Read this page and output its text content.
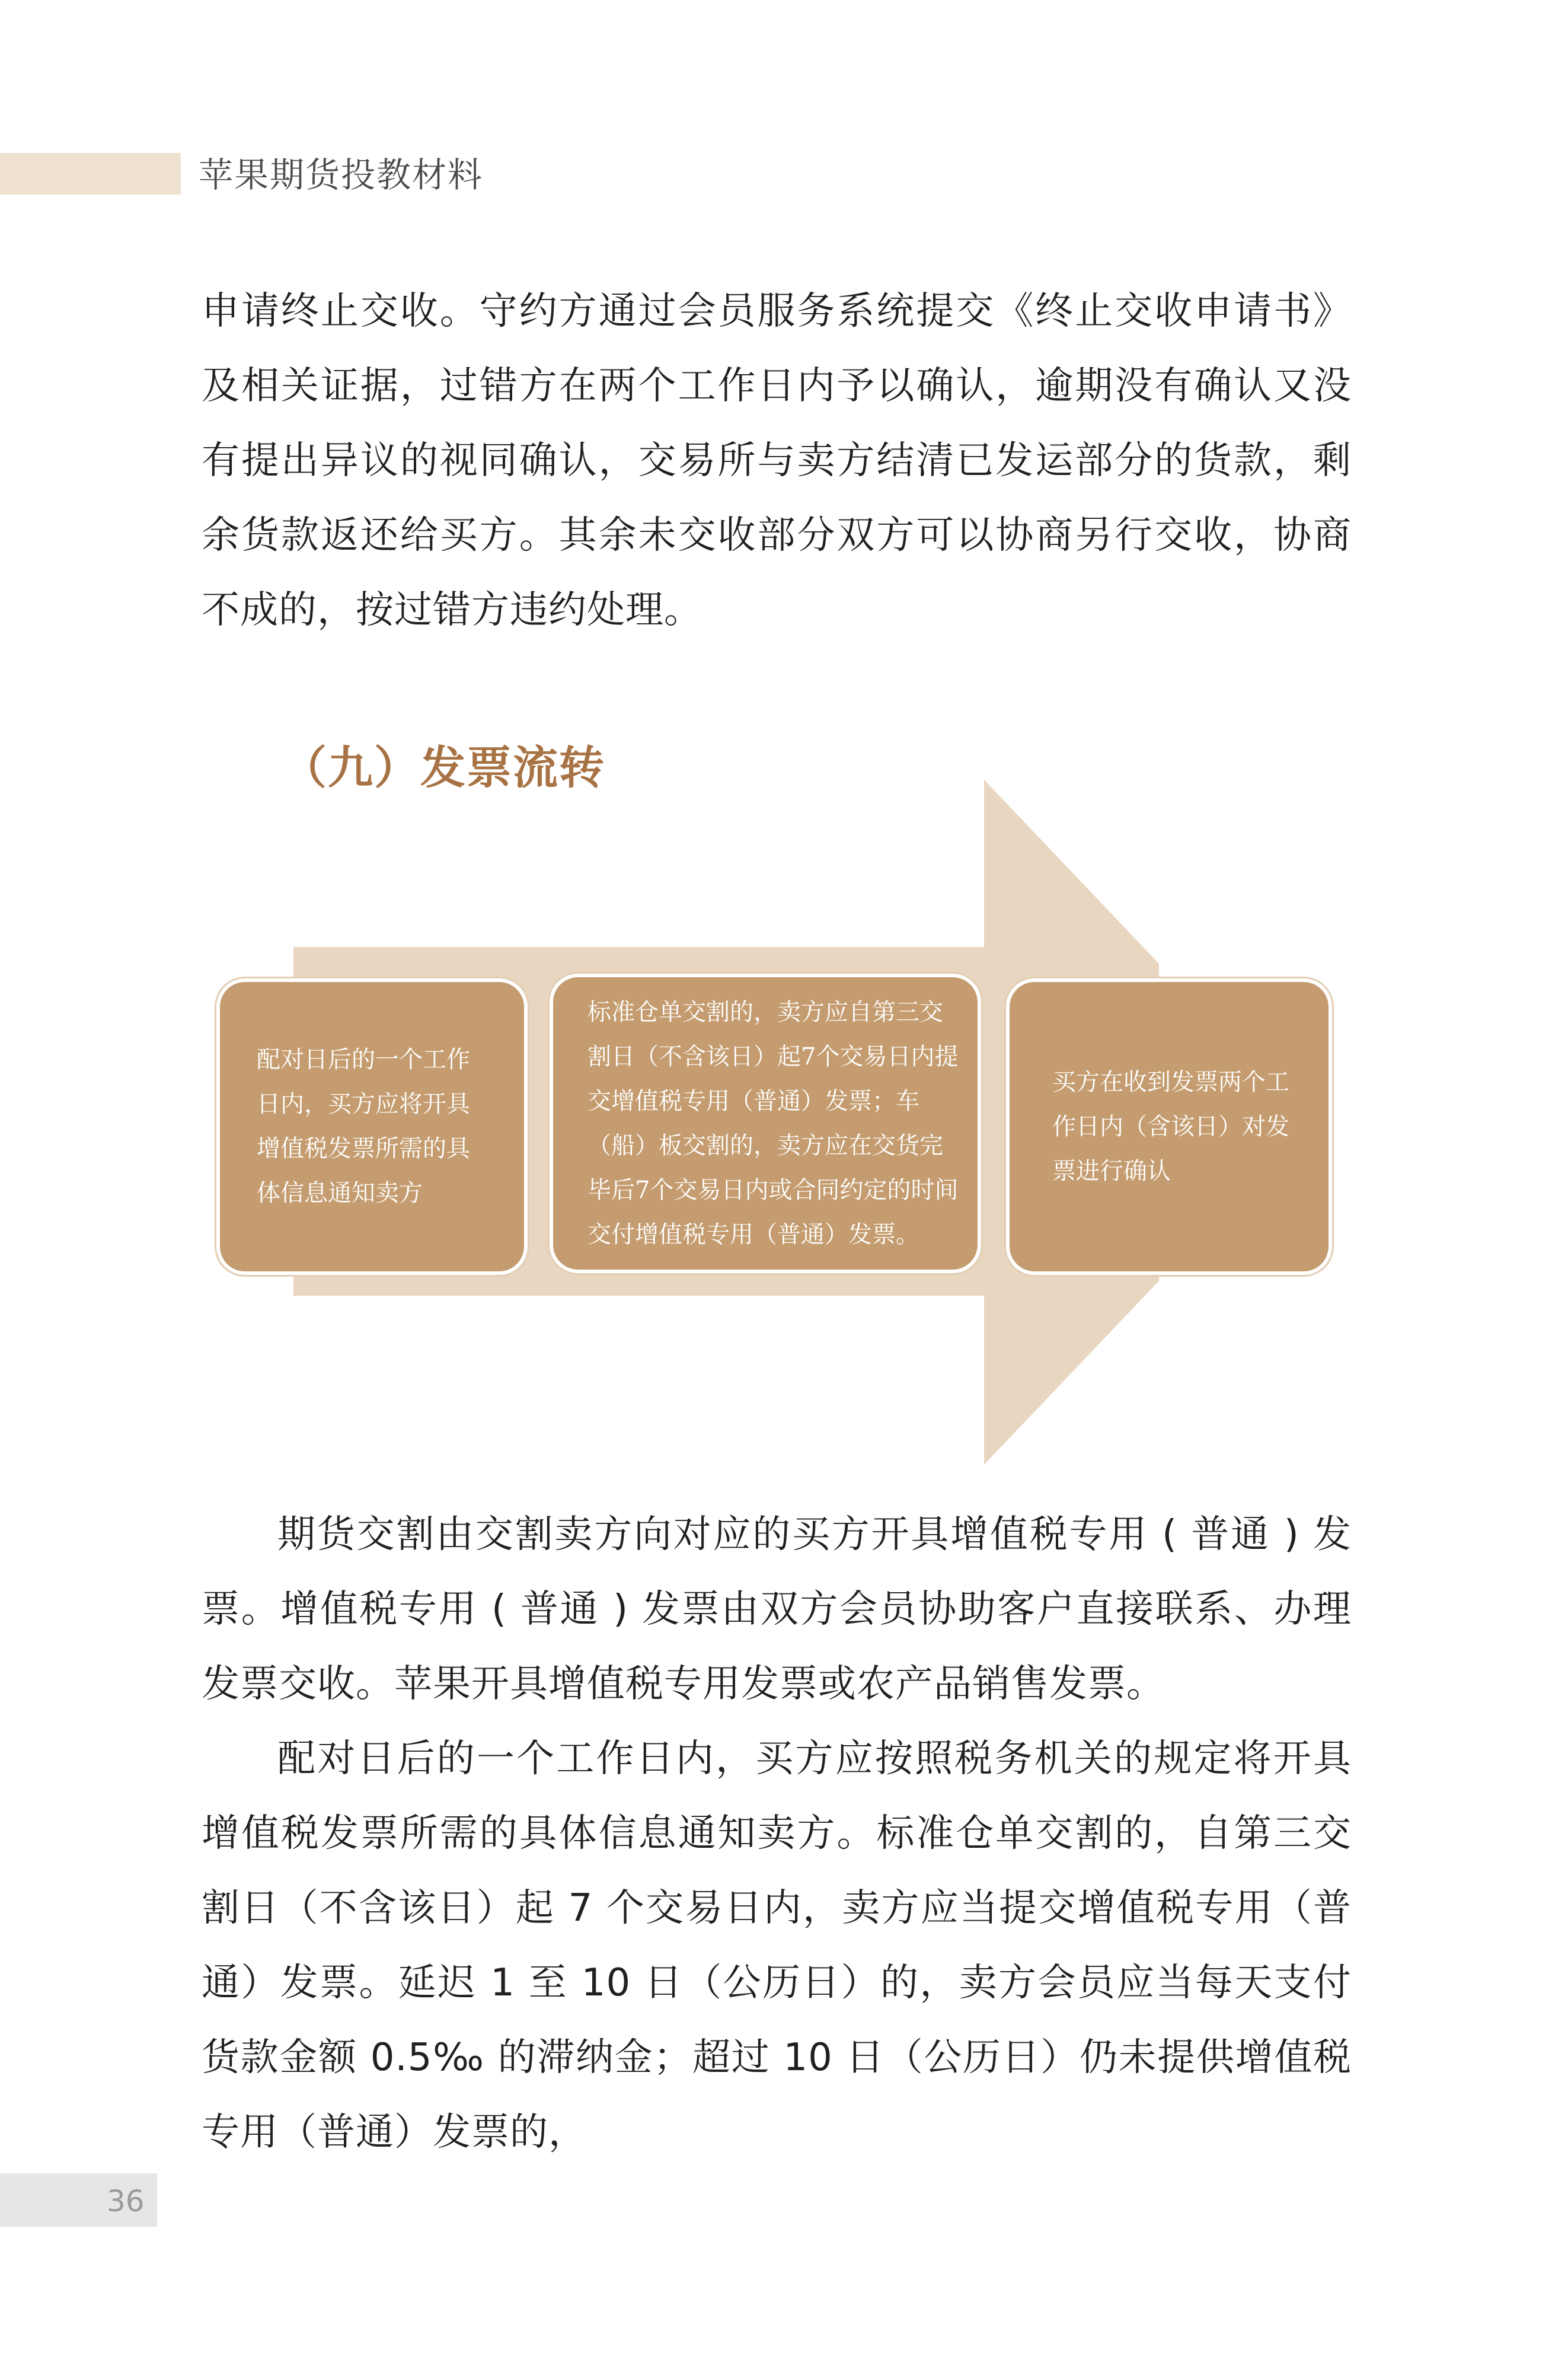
苹果期货投教材料
申请终止交收。守约方通过会员服务系统提交《终止交收申请书》及相关证据，过错方在两个工作日内予以确认，逾期没有确认又没有提出异议的视同确认，交易所与卖方结清已发运部分的货款，剩余货款返还给买方。其余未交收部分双方可以协商另行交收，协商不成的，按过错方违约处理。
（九）发票流转
配对日后的一个工作日内，买方应将开具增值税发票所需的具体信息通知卖方
标准仓单交割的，卖方应自第三交割日（不含该日）起7个交易日内提交增值税专用（普通）发票；车（船）板交割的，卖方应在交货完毕后7个交易日内或合同约定的时间交付增值税专用（普通）发票。
买方在收到发票两个工作日内（含该日）对发票进行确认

期货交割由交割卖方向对应的买方开具增值税专用 ( 普通 ) 发票。增值税专用 ( 普通 ) 发票由双方会员协助客户直接联系、办理发票交收。苹果开具增值税专用发票或农产品销售发票。

配对日后的一个工作日内，买方应按照税务机关的规定将开具增值税发票所需的具体信息通知卖方。标准仓单交割的，自第三交割日（不含该日）起 7 个交易日内，卖方应当提交增值税专用（普通）发票。延迟 1 至 10 日（公历日）的，卖方会员应当每天支付货款金额 0.5‰ 的滞纳金；超过 10 日（公历日）仍未提供增值税专用（普通）发票的，

36
